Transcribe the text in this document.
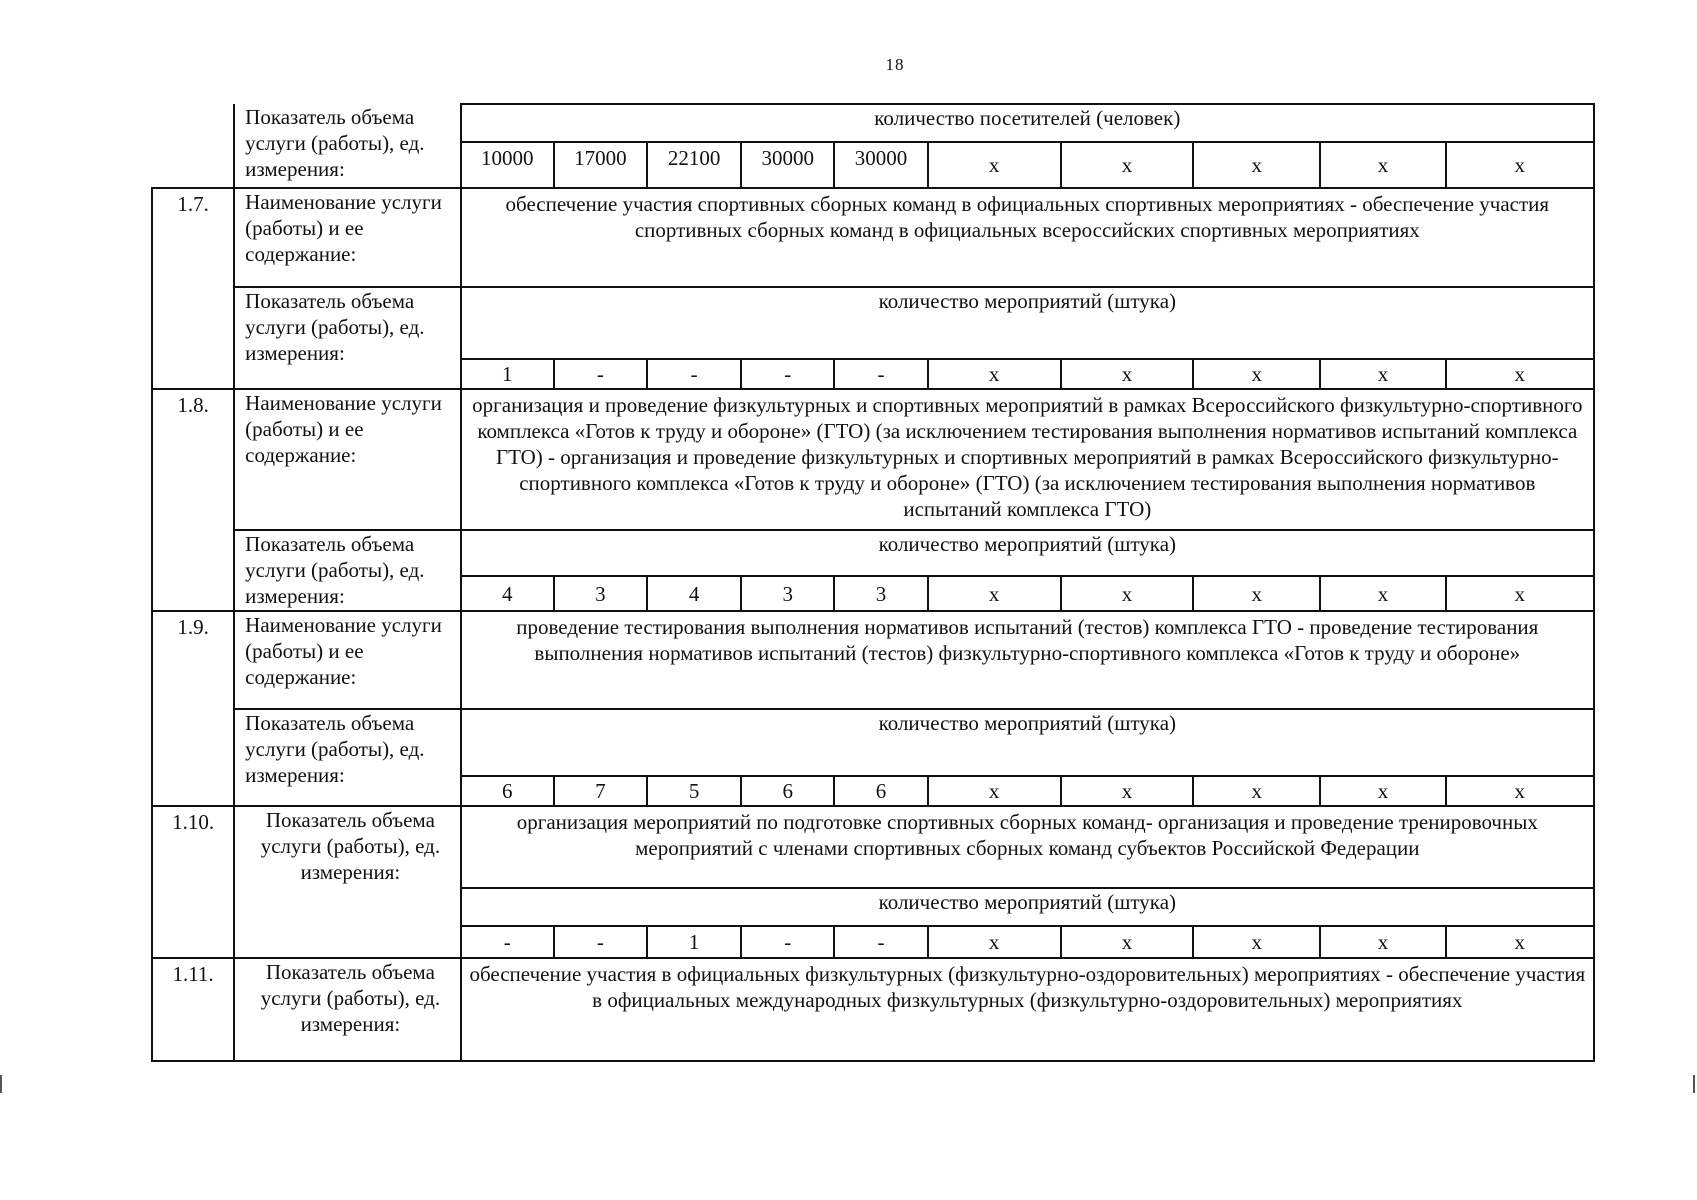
18
	Показатель объема услуги (работы), ед. измерения:	количество посетителей (человек)									
		10000	17000	22100	30000	30000	x	x	x	x	x
1.7.	Наименование услуги (работы) и ее содержание:	обеспечение участия спортивных сборных команд в официальных спортивных мероприятиях - обеспечение участия спортивных сборных команд в официальных всероссийских спортивных мероприятиях									
	Показатель объема услуги (работы), ед. измерения:	количество мероприятий (штука)									

		1	-	-	-	-	x	x	x	x	x
1.8.	Наименование услуги (работы) и ее содержание:	организация и проведение физкультурных и спортивных мероприятий в рамках Всероссийского физкультурно-спортивного комплекса «Готов к труду и обороне» (ГТО) (за исключением тестирования выполнения нормативов испытаний комплекса ГТО) - организация и проведение физкультурных и спортивных мероприятий в рамках Всероссийского физкультурно-спортивного комплекса «Готов к труду и обороне» (ГТО) (за исключением тестирования выполнения нормативов испытаний комплекса ГТО)									
	Показатель объема услуги (работы), ед. измерения:	количество мероприятий (штука)									
		4	3	4	3	3	x	x	x	x	x
1.9.	Наименование услуги (работы) и ее содержание:	проведение тестирования выполнения нормативов испытаний (тестов) комплекса ГТО - проведение тестирования выполнения нормативов испытаний (тестов) физкультурно-спортивного комплекса «Готов к труду и обороне»									
	Показатель объема услуги (работы), ед. измерения:	количество мероприятий (штука)									

		6	7	5	6	6	x	x	x	x	x
1.10.	Показатель объема услуги (работы), ед. измерения:	организация мероприятий по подготовке спортивных сборных команд- организация и проведение тренировочных мероприятий с членами спортивных сборных команд субъектов Российской Федерации									
		количество мероприятий (штука)									
		-	-	1	-	-	x	x	x	x	x
1.11.	Показатель объема услуги (работы), ед. измерения:	обеспечение участия в официальных физкультурных (физкультурно-оздоровительных) мероприятиях - обеспечение участия в официальных международных физкультурных (физкультурно-оздоровительных) мероприятиях									
